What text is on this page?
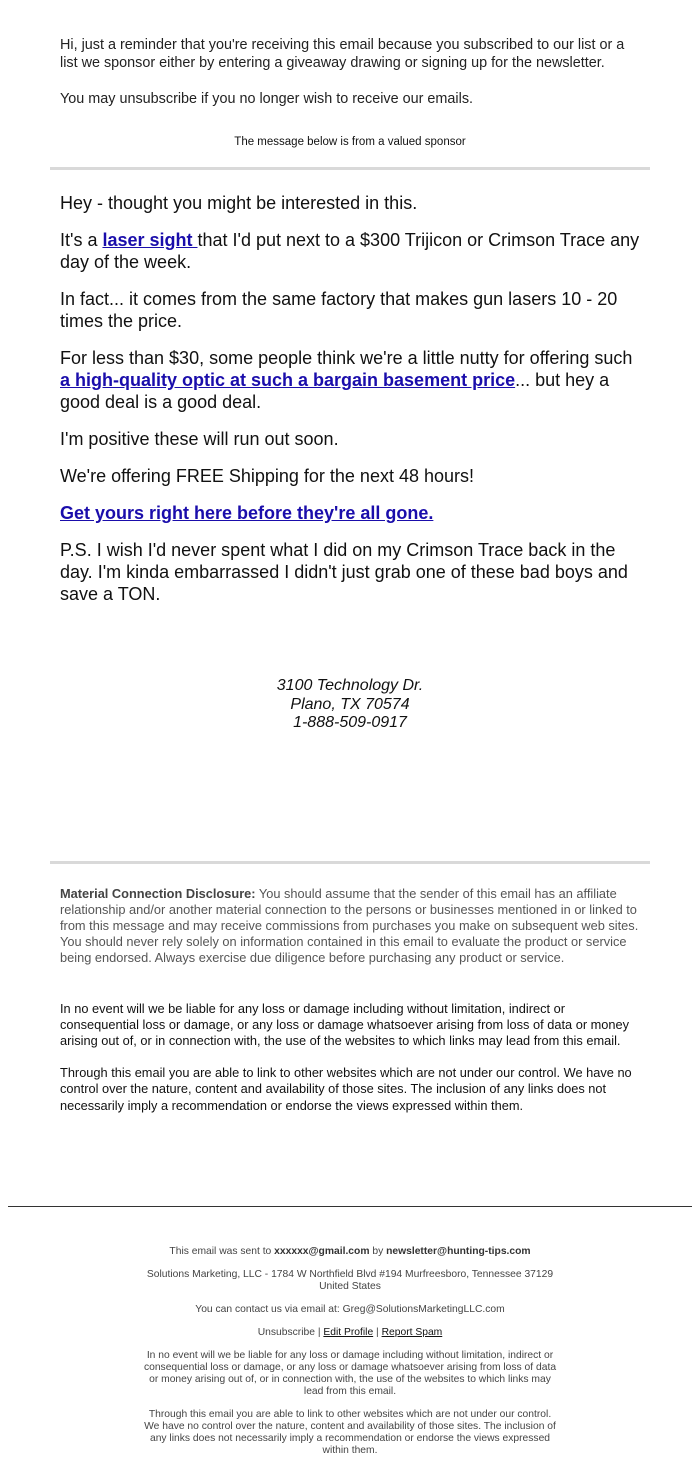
Hi, just a reminder that you're receiving this email because you subscribed to our list or a list we sponsor either by entering a giveaway drawing or signing up for the newsletter.

You may unsubscribe if you no longer wish to receive our emails.

The message below is from a valued sponsor

Hey - thought you might be interested in this.

It's a laser sight that I'd put next to a $300 Trijicon or Crimson Trace any day of the week.

In fact... it comes from the same factory that makes gun lasers 10 - 20 times the price.

For less than $30, some people think we're a little nutty for offering such a high-quality optic at such a bargain basement price... but hey a good deal is a good deal.

I'm positive these will run out soon.

We're offering FREE Shipping for the next 48 hours!

Get yours right here before they're all gone.

P.S. I wish I'd never spent what I did on my Crimson Trace back in the day. I'm kinda embarrassed I didn't just grab one of these bad boys and save a TON.

3100 Technology Dr.
Plano, TX 70574
1-888-509-0917
Material Connection Disclosure: You should assume that the sender of this email has an affiliate relationship and/or another material connection to the persons or businesses mentioned in or linked to from this message and may receive commissions from purchases you make on subsequent web sites. You should never rely solely on information contained in this email to evaluate the product or service being endorsed. Always exercise due diligence before purchasing any product or service.

In no event will we be liable for any loss or damage including without limitation, indirect or consequential loss or damage, or any loss or damage whatsoever arising from loss of data or money arising out of, or in connection with, the use of the websites to which links may lead from this email.

Through this email you are able to link to other websites which are not under our control. We have no control over the nature, content and availability of those sites. The inclusion of any links does not necessarily imply a recommendation or endorse the views expressed within them.

This email was sent to xxxxxx@gmail.com by newsletter@hunting-tips.com

Solutions Marketing, LLC - 1784 W Northfield Blvd #194 Murfreesboro, Tennessee 37129 United States

You can contact us via email at: Greg@SolutionsMarketingLLC.com

Unsubscribe | Edit Profile | Report Spam

In no event will we be liable for any loss or damage including without limitation, indirect or consequential loss or damage, or any loss or damage whatsoever arising from loss of data or money arising out of, or in connection with, the use of the websites to which links may lead from this email.

Through this email you are able to link to other websites which are not under our control. We have no control over the nature, content and availability of those sites. The inclusion of any links does not necessarily imply a recommendation or endorse the views expressed within them.
